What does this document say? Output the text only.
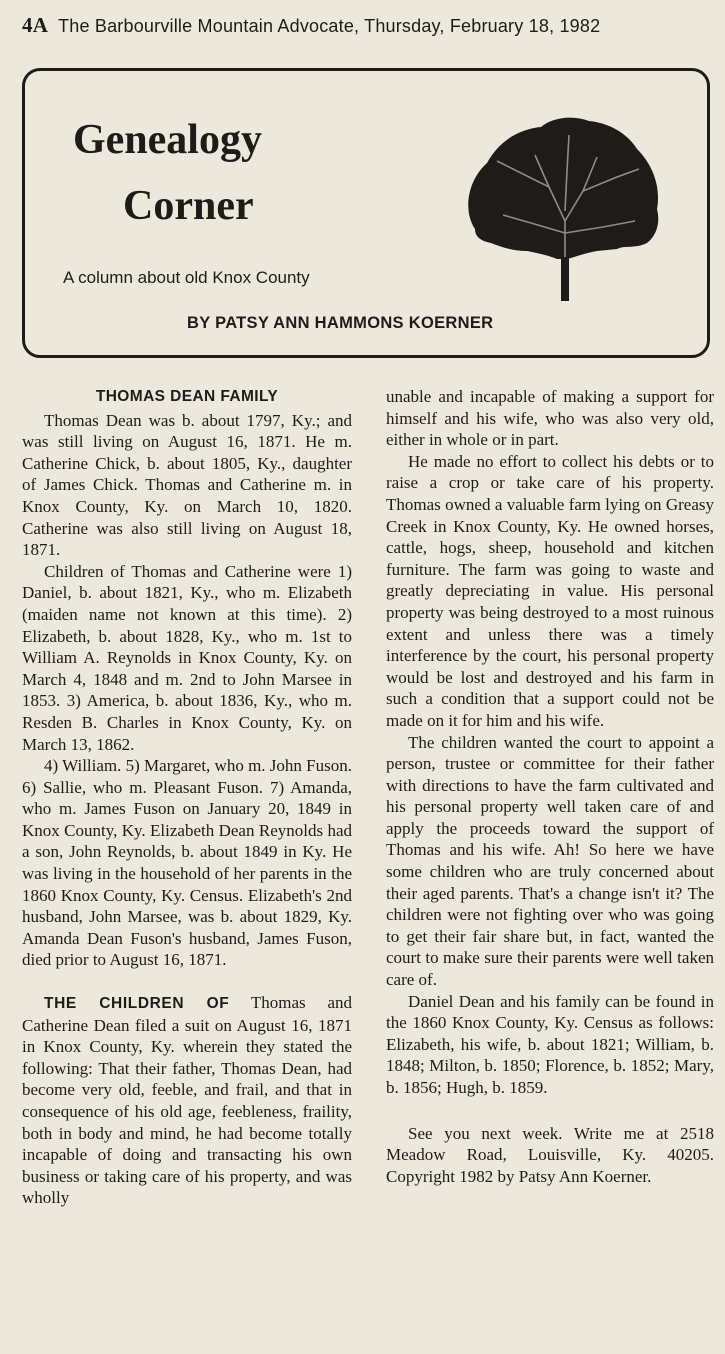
4A The Barbourville Mountain Advocate, Thursday, February 18, 1982
Genealogy
Corner
A column about old Knox County
BY PATSY ANN HAMMONS KOERNER
THOMAS DEAN FAMILY

Thomas Dean was b. about 1797, Ky.; and was still living on August 16, 1871. He m. Catherine Chick, b. about 1805, Ky., daughter of James Chick. Thomas and Catherine m. in Knox County, Ky. on March 10, 1820. Catherine was also still living on August 18, 1871.

Children of Thomas and Catherine were 1) Daniel, b. about 1821, Ky., who m. Elizabeth (maiden name not known at this time). 2) Elizabeth, b. about 1828, Ky., who m. 1st to William A. Reynolds in Knox County, Ky. on March 4, 1848 and m. 2nd to John Marsee in 1853. 3) America, b. about 1836, Ky., who m. Resden B. Charles in Knox County, Ky. on March 13, 1862.

4) William. 5) Margaret, who m. John Fuson. 6) Sallie, who m. Pleasant Fuson. 7) Amanda, who m. James Fuson on January 20, 1849 in Knox County, Ky. Elizabeth Dean Reynolds had a son, John Reynolds, b. about 1849 in Ky. He was living in the household of her parents in the 1860 Knox County, Ky. Census. Elizabeth's 2nd husband, John Marsee, was b. about 1829, Ky. Amanda Dean Fuson's husband, James Fuson, died prior to August 16, 1871.

THE CHILDREN OF Thomas and Catherine Dean filed a suit on August 16, 1871 in Knox County, Ky. wherein they stated the following: That their father, Thomas Dean, had become very old, feeble, and frail, and that in consequence of his old age, feebleness, fraility, both in body and mind, he had become totally incapable of doing and transacting his own business or taking care of his property, and was wholly

unable and incapable of making a support for himself and his wife, who was also very old, either in whole or in part.

He made no effort to collect his debts or to raise a crop or take care of his property. Thomas owned a valuable farm lying on Greasy Creek in Knox County, Ky. He owned horses, cattle, hogs, sheep, household and kitchen furniture. The farm was going to waste and greatly depreciating in value. His personal property was being destroyed to a most ruinous extent and unless there was a timely interference by the court, his personal property would be lost and destroyed and his farm in such a condition that a support could not be made on it for him and his wife.

The children wanted the court to appoint a person, trustee or committee for their father with directions to have the farm cultivated and his personal property well taken care of and apply the proceeds toward the support of Thomas and his wife. Ah! So here we have some children who are truly concerned about their aged parents. That's a change isn't it? The children were not fighting over who was going to get their fair share but, in fact, wanted the court to make sure their parents were well taken care of.

Daniel Dean and his family can be found in the 1860 Knox County, Ky. Census as follows: Elizabeth, his wife, b. about 1821; William, b. 1848; Milton, b. 1850; Florence, b. 1852; Mary, b. 1856; Hugh, b. 1859.

See you next week. Write me at 2518 Meadow Road, Louisville, Ky. 40205. Copyright 1982 by Patsy Ann Koerner.
